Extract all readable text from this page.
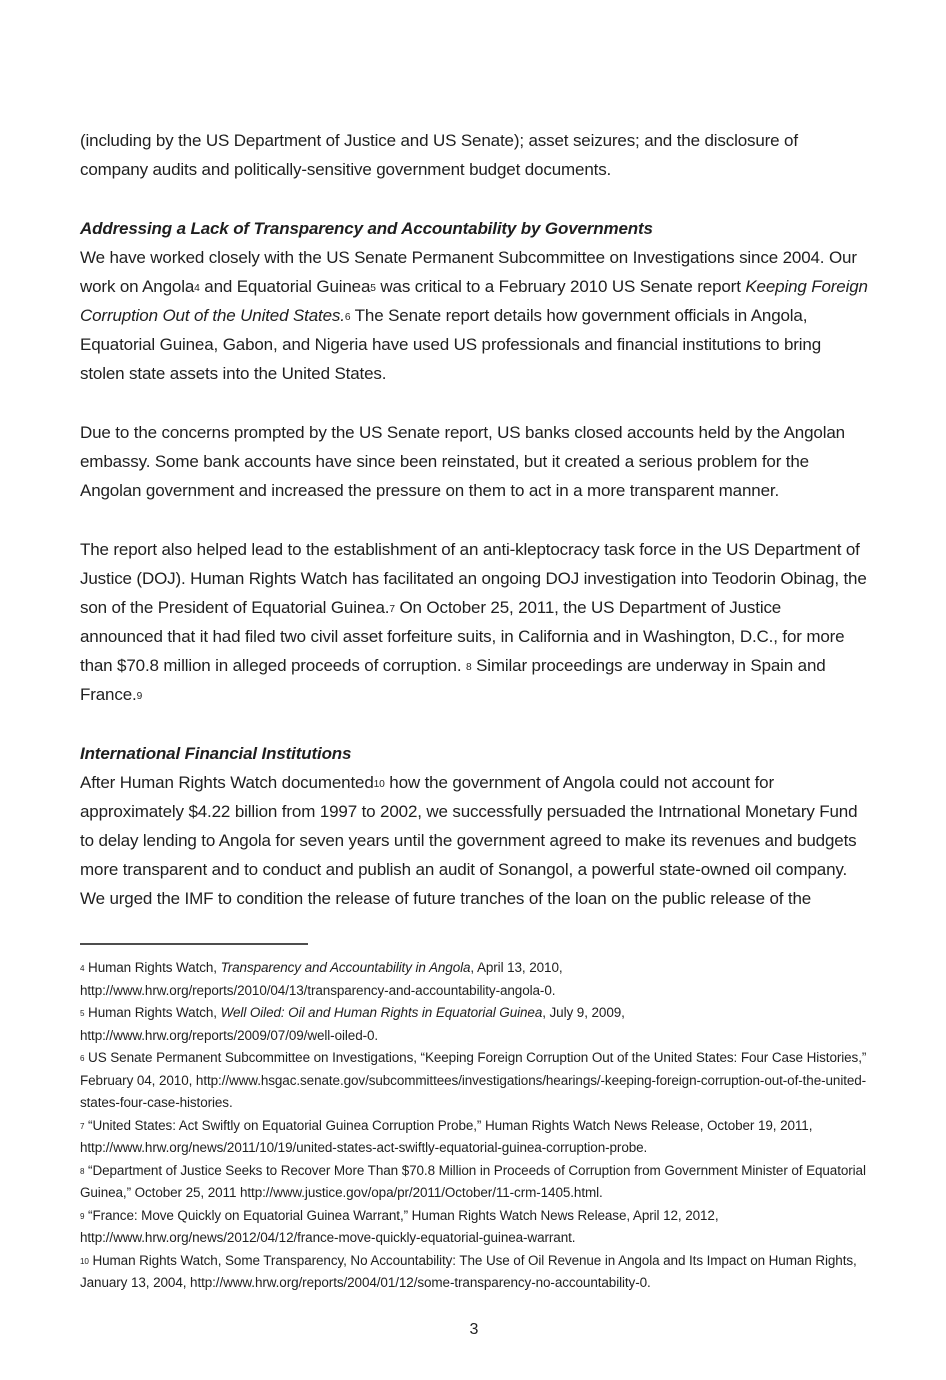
(including by the US Department of Justice and US Senate); asset seizures; and the disclosure of company audits and politically-sensitive government budget documents.

Addressing a Lack of Transparency and Accountability by Governments

We have worked closely with the US Senate Permanent Subcommittee on Investigations since 2004. Our work on Angola$^4$ and Equatorial Guinea$^5$ was critical to a February 2010 US Senate report Keeping Foreign Corruption Out of the United States.$^6$ The Senate report details how government officials in Angola, Equatorial Guinea, Gabon, and Nigeria have used US professionals and financial institutions to bring stolen state assets into the United States.

Due to the concerns prompted by the US Senate report, US banks closed accounts held by the Angolan embassy. Some bank accounts have since been reinstated, but it created a serious problem for the Angolan government and increased the pressure on them to act in a more transparent manner.

The report also helped lead to the establishment of an anti-kleptocracy task force in the US Department of Justice (DOJ). Human Rights Watch has facilitated an ongoing DOJ investigation into Teodorin Obinag, the son of the President of Equatorial Guinea.$^7$ On October 25, 2011, the US Department of Justice announced that it had filed two civil asset forfeiture suits, in California and in Washington, D.C., for more than $70.8 million in alleged proceeds of corruption. $^8$ Similar proceedings are underway in Spain and France.$^9$

International Financial Institutions

After Human Rights Watch documented$^{10}$ how the government of Angola could not account for approximately $4.22 billion from 1997 to 2002, we successfully persuaded the Intrnational Monetary Fund to delay lending to Angola for seven years until the government agreed to make its revenues and budgets more transparent and to conduct and publish an audit of Sonangol, a powerful state-owned oil company. We urged the IMF to condition the release of future tranches of the loan on the public release of the

$^4$ Human Rights Watch, Transparency and Accountability in Angola, April 13, 2010, http://www.hrw.org/reports/2010/04/13/transparency-and-accountability-angola-0.

$^5$ Human Rights Watch, Well Oiled: Oil and Human Rights in Equatorial Guinea, July 9, 2009, http://www.hrw.org/reports/2009/07/09/well-oiled-0.

$^6$ US Senate Permanent Subcommittee on Investigations, “Keeping Foreign Corruption Out of the United States: Four Case Histories,” February 04, 2010, http://www.hsgac.senate.gov/subcommittees/investigations/hearings/-keeping-foreign-corruption-out-of-the-united-states-four-case-histories.

$^7$ “United States: Act Swiftly on Equatorial Guinea Corruption Probe,” Human Rights Watch News Release, October 19, 2011, http://www.hrw.org/news/2011/10/19/united-states-act-swiftly-equatorial-guinea-corruption-probe.

$^8$ “Department of Justice Seeks to Recover More Than $70.8 Million in Proceeds of Corruption from Government Minister of Equatorial Guinea,” October 25, 2011 http://www.justice.gov/opa/pr/2011/October/11-crm-1405.html.

$^9$ “France: Move Quickly on Equatorial Guinea Warrant,” Human Rights Watch News Release, April 12, 2012, http://www.hrw.org/news/2012/04/12/france-move-quickly-equatorial-guinea-warrant.

$^{10}$ Human Rights Watch, Some Transparency, No Accountability: The Use of Oil Revenue in Angola and Its Impact on Human Rights, January 13, 2004, http://www.hrw.org/reports/2004/01/12/some-transparency-no-accountability-0.

3
